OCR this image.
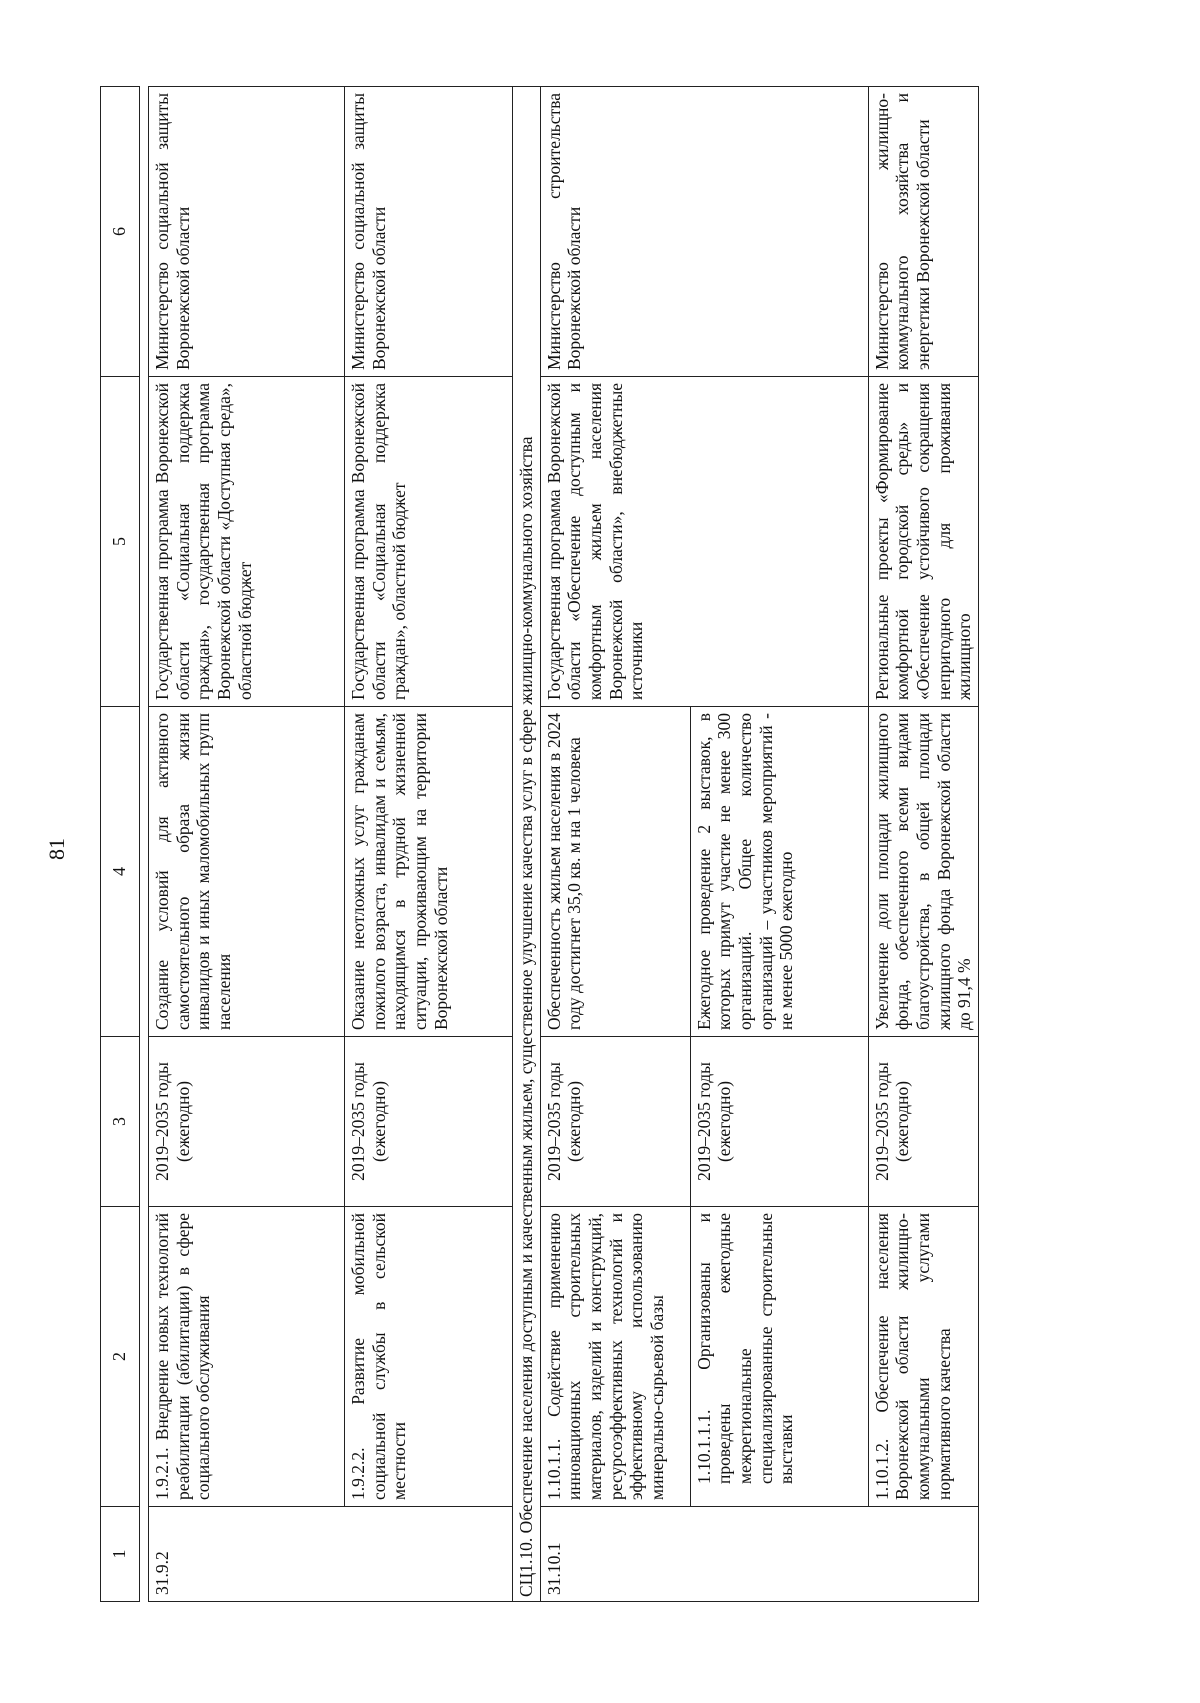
81
1	2	3	4	5	6

31.9.2	1.9.2.1. Внедрение новых технологий реабилитации (абилитации) в сфере социального обслуживания	2019–2035 годы (ежегодно)	Создание условий для активного самостоятельного образа жизни инвалидов и иных маломобильных групп населения	Государственная программа Воронежской области «Социальная поддержка граждан», государственная программа Воронежской области «Доступная среда», областной бюджет	Министерство социальной защиты Воронежской области
	1.9.2.2. Развитие мобильной социальной службы в сельской местности	2019–2035 годы (ежегодно)	Оказание неотложных услуг гражданам пожилого возраста, инвалидам и семьям, находящимся в трудной жизненной ситуации, проживающим на территории Воронежской области	Государственная программа Воронежской области «Социальная поддержка граждан», областной бюджет	Министерство социальной защиты Воронежской области
СЦ1.10. Обеспечение населения доступным и качественным жильем, существенное улучшение качества услуг в сфере жилищно-коммунального хозяйства					
31.10.1	1.10.1.1. Содействие применению инновационных строительных материалов, изделий и конструкций, ресурсоэффективных технологий и эффективному использованию минерально-сырьевой базы	2019–2035 годы (ежегодно)	Обеспеченность жильем населения в 2024 году достигнет 35,0 кв. м на 1 человека	Государственная программа Воронежской области «Обеспечение доступным и комфортным жильем населения Воронежской области», внебюджетные источники	Министерство строительства Воронежской области
	1.10.1.1.1. Организованы и проведены ежегодные межрегиональные специализированные строительные выставки	2019–2035 годы (ежегодно)	Ежегодное проведение 2 выставок, в которых примут участие не менее 300 организаций. Общее количество организаций – участников мероприятий - не менее 5000 ежегодно		
	1.10.1.2. Обеспечение населения Воронежской области жилищно-коммунальными услугами нормативного качества	2019–2035 годы (ежегодно)	Увеличение доли площади жилищного фонда, обеспеченного всеми видами благоустройства, в общей площади жилищного фонда Воронежской области до 91,4 %	Региональные проекты «Формирование комфортной городской среды» и «Обеспечение устойчивого сокращения непригодного для проживания жилищного	Министерство жилищно-коммунального хозяйства и энергетики Воронежской области
